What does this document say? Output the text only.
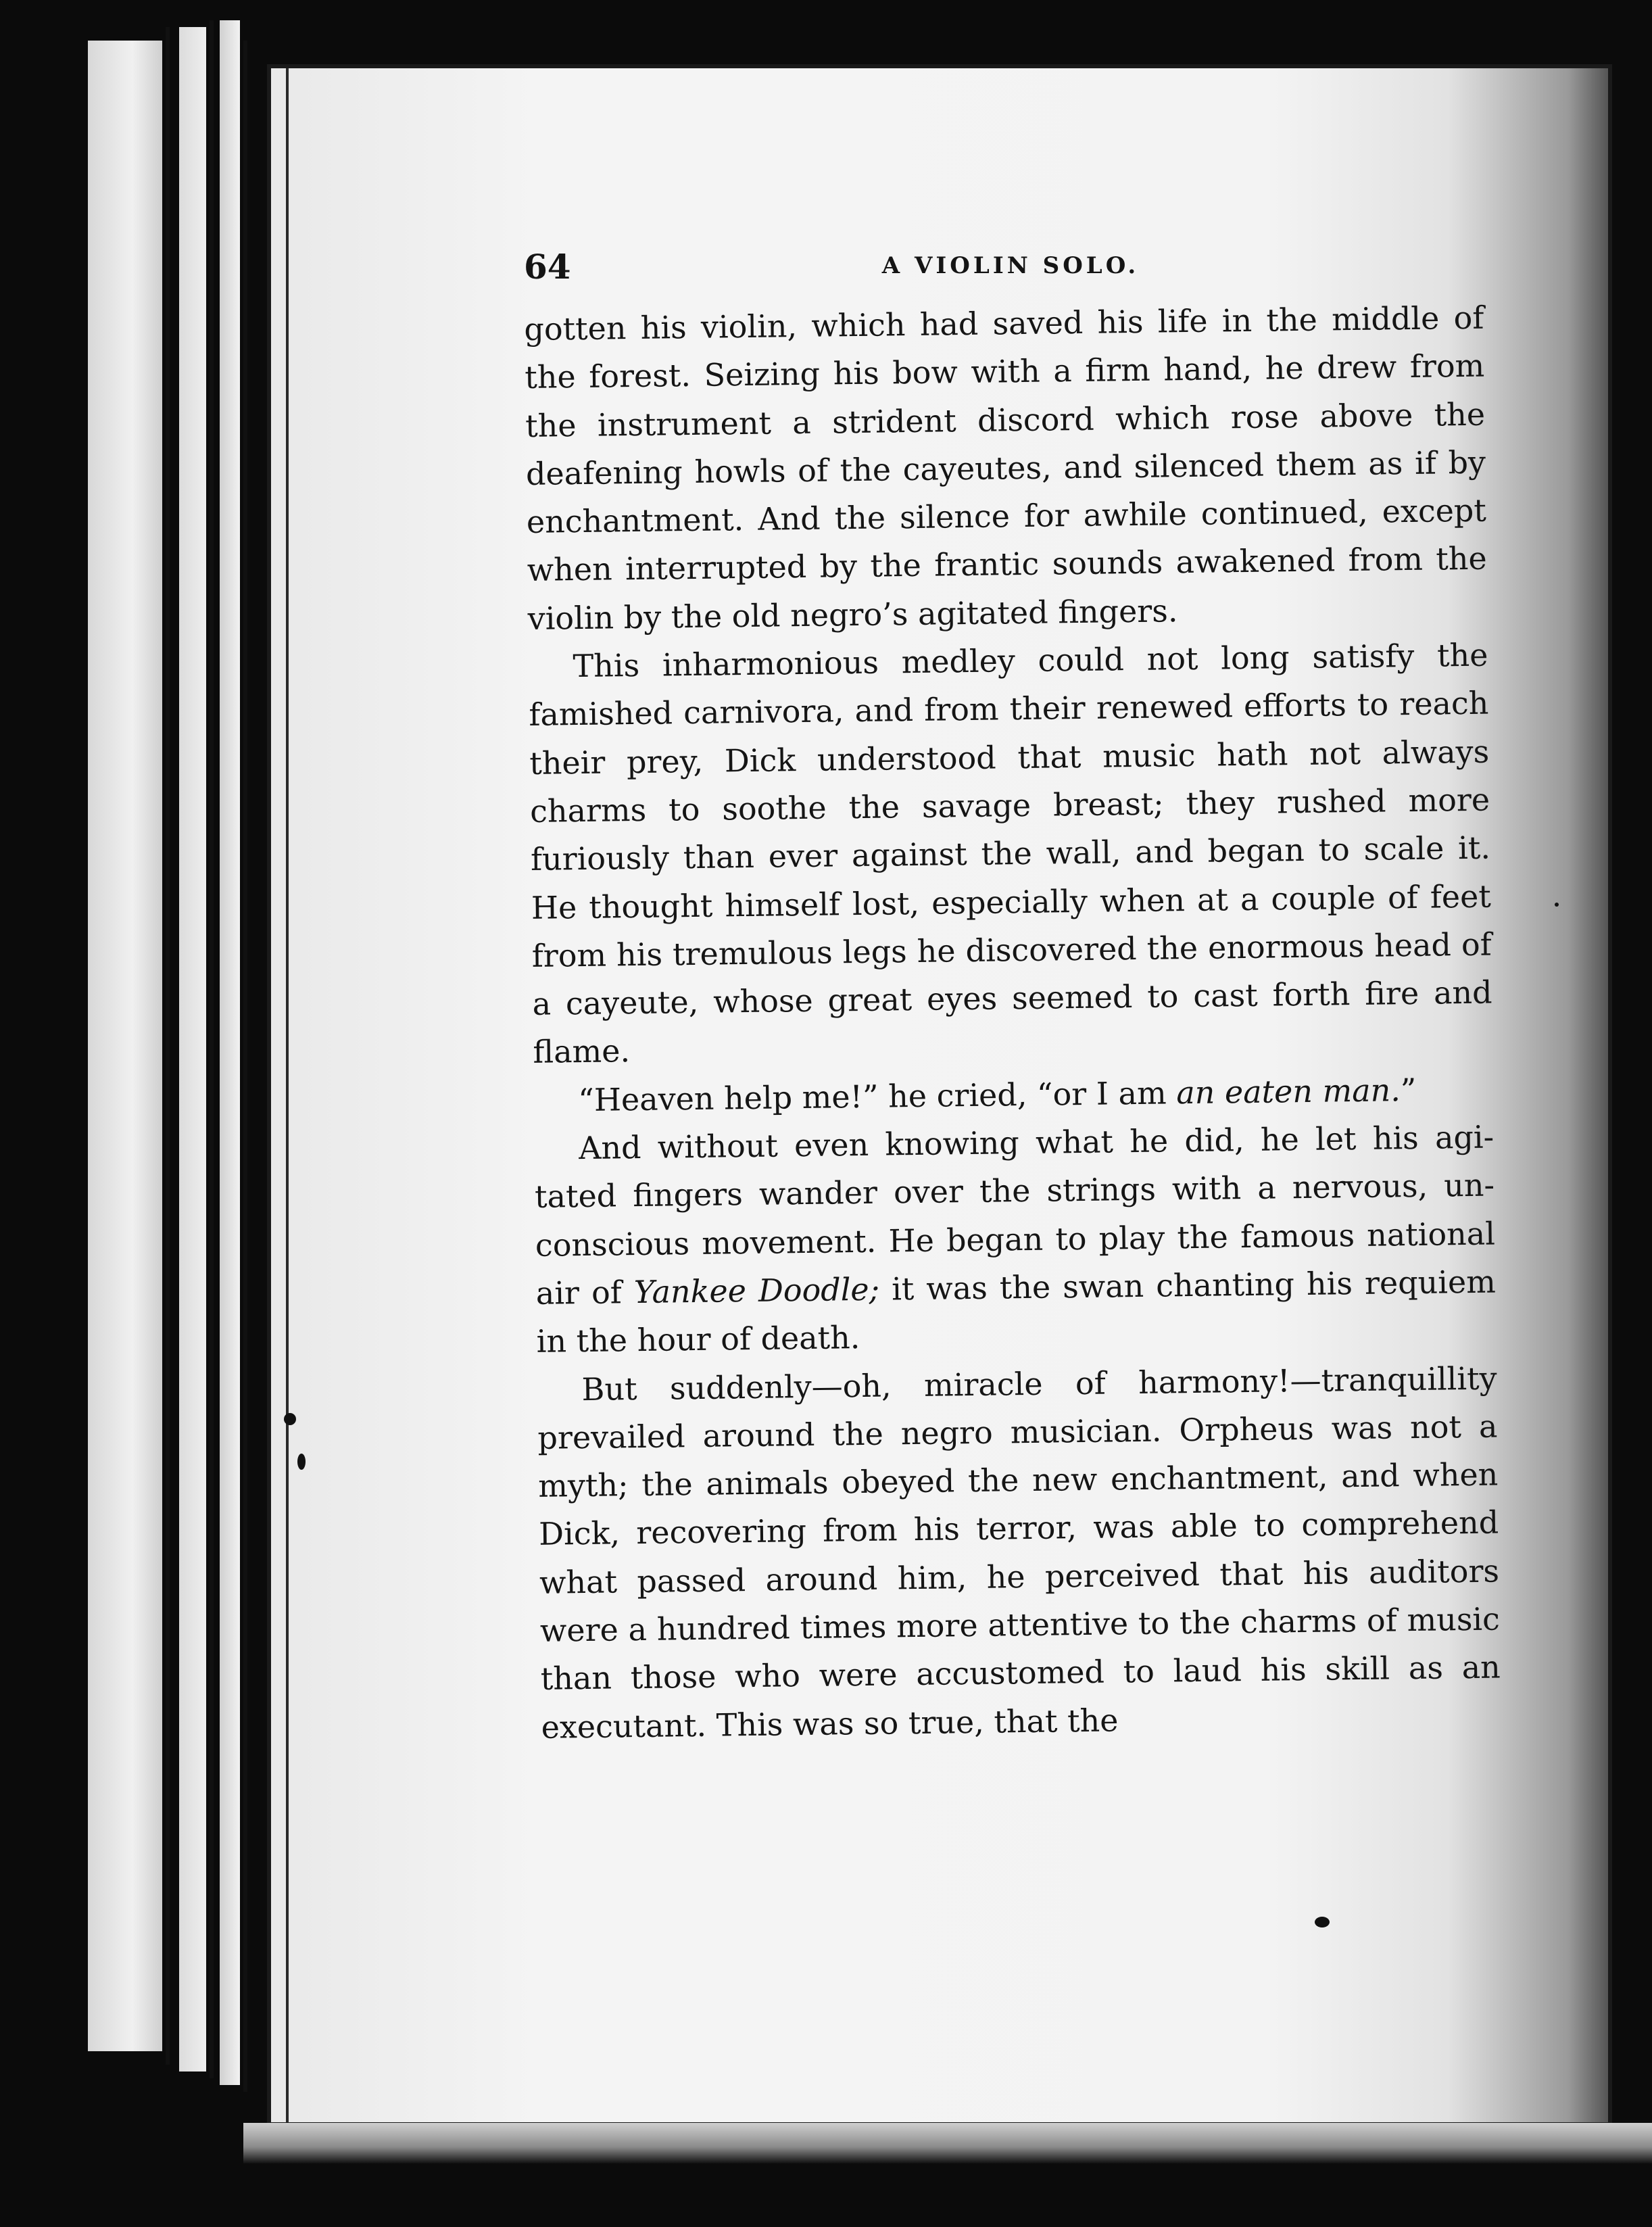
64	A VIOLIN SOLO.

gotten his violin, which had saved his life in the middle of the forest. Seizing his bow with a firm hand, he drew from the instrument a strident discord which rose above the deafening howls of the cayeutes, and silenced them as if by enchantment. And the silence for awhile continued, except when interrupted by the frantic sounds awakened from the violin by the old negro’s agitated fingers.

This inharmonious medley could not long satisfy the famished carnivora, and from their renewed efforts to reach their prey, Dick understood that music hath not always charms to soothe the savage breast; they rushed more furiously than ever against the wall, and began to scale it. He thought himself lost, especially when at a couple of feet from his tremulous legs he discovered the enormous head of a cayeute, whose great eyes seemed to cast forth fire and flame.

“Heaven help me!” he cried, “or I am an eaten man.”

And without even knowing what he did, he let his agitated fingers wander over the strings with a nervous, unconscious movement. He began to play the famous national air of Yankee Doodle; it was the swan chanting his requiem in the hour of death.

But suddenly—oh, miracle of harmony!—tranquillity prevailed around the negro musician. Orpheus was not a myth; the animals obeyed the new enchantment, and when Dick, recovering from his terror, was able to comprehend what passed around him, he perceived that his auditors were a hundred times more attentive to the charms of music than those who were accustomed to laud his skill as an executant. This was so true, that the
